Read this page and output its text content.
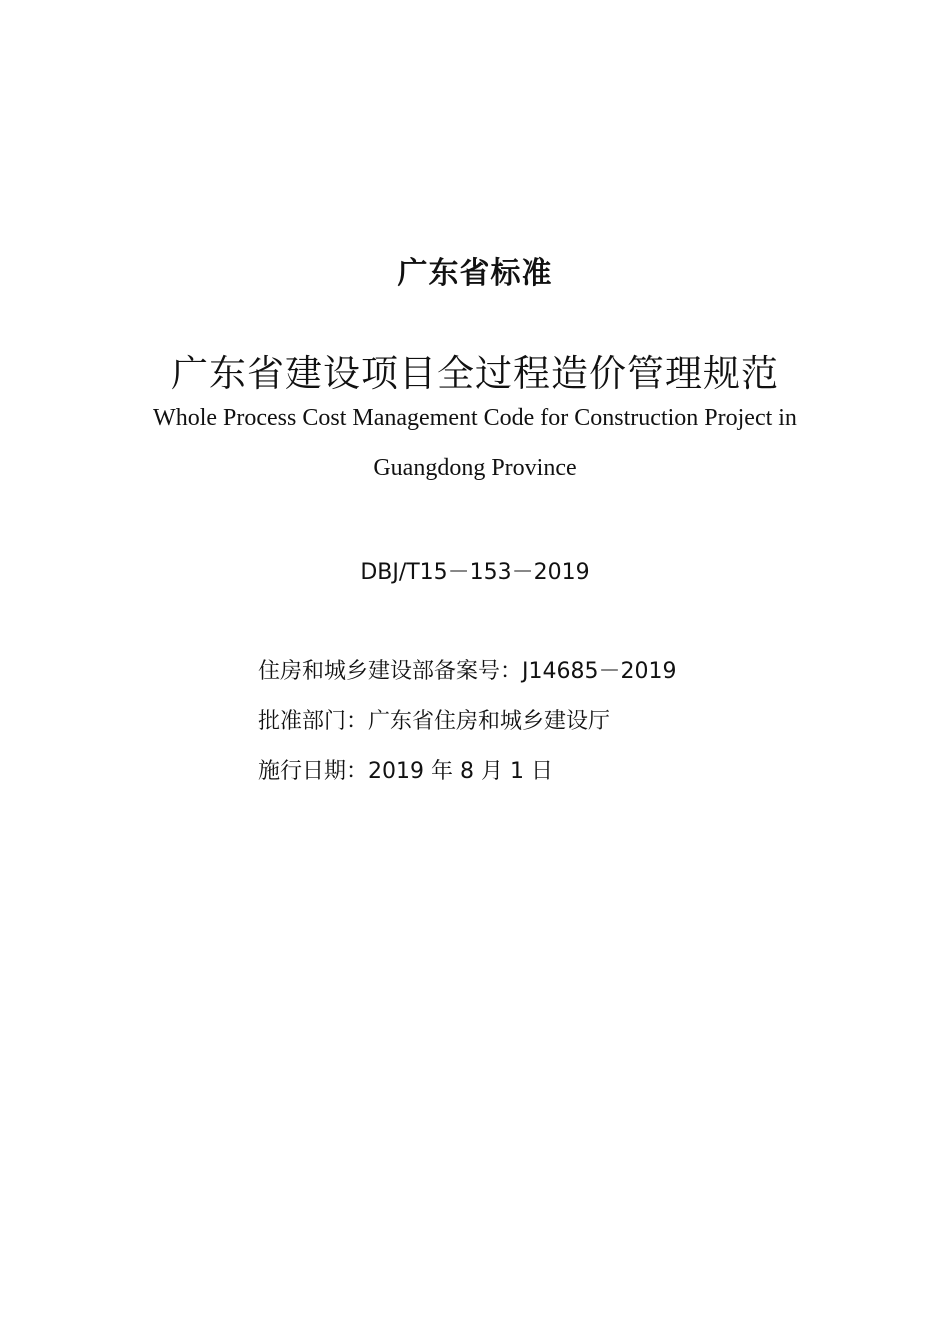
广东省标准
广东省建设项目全过程造价管理规范
Whole Process Cost Management Code for Construction Project in
Guangdong Province
DBJ/T15－153－2019
住房和城乡建设部备案号：J14685－2019
批准部门：广东省住房和城乡建设厅
施行日期：2019 年 8 月 1 日
